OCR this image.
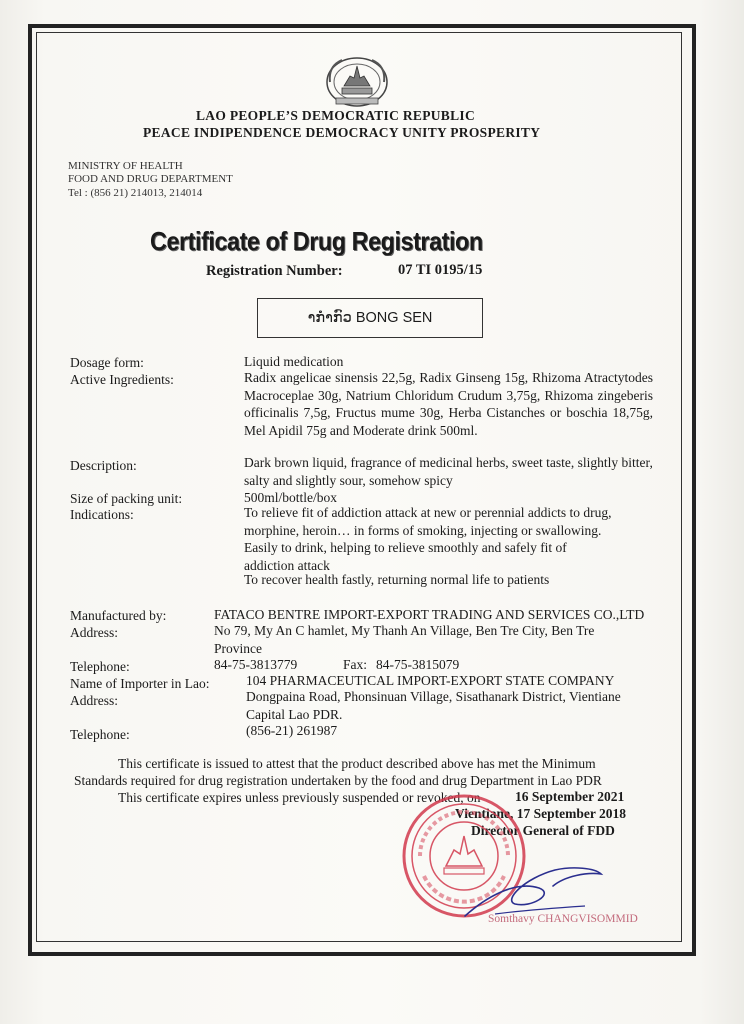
LAO PEOPLE’S DEMOCRATIC REPUBLIC
PEACE INDIPENDENCE DEMOCRACY UNITY PROSPERITY
MINISTRY OF HEALTH
FOOD AND DRUG DEPARTMENT
Tel : (856 21) 214013, 214014
Certificate of Drug Registration
Registration Number:	07 TI 0195/15
າກໍາກົວ BONG SEN
Dosage form:	Liquid medication
Active Ingredients:	Radix angelicae sinensis 22,5g, Radix Ginseng 15g, Rhizoma Atractytodes Macroceplae 30g, Natrium Chloridum Crudum 3,75g, Rhizoma zingeberis officinalis 7,5g, Fructus mume 30g, Herba Cistanches or boschia 18,75g, Mel Apidil 75g and Moderate drink 500ml.
Description:	Dark brown liquid, fragrance of medicinal herbs, sweet taste, slightly bitter, salty and slightly sour, somehow spicy
Size of packing unit:	500ml/bottle/box
Indications:	To relieve fit of addiction attack at new or perennial addicts to drug, morphine, heroin… in forms of smoking, injecting or swallowing.
Easily to drink, helping to relieve smoothly and safely fit of addiction attack
To recover health fastly, returning normal life to patients
Manufactured by:	FATACO BENTRE IMPORT-EXPORT TRADING AND SERVICES CO.,LTD
Address:	No 79, My An C hamlet, My Thanh An Village, Ben Tre City, Ben Tre Province
Telephone:	84-75-3813779	Fax: 84-75-3815079
Name of Importer in Lao:	104 PHARMACEUTICAL IMPORT-EXPORT STATE COMPANY
Address:	Dongpaina Road, Phonsinuan Village, Sisathanark District, Vientiane Capital Lao PDR.
Telephone:	(856-21) 261987
This certificate is issued to attest that the product described above has met the Minimum
Standards required for drug registration undertaken by the food and drug Department in Lao PDR
This certificate expires unless previously suspended or revoked, on	16 September 2021
Vientiane, 17 September 2018
Director General of FDD
Somthavy CHANGVISOMMID
